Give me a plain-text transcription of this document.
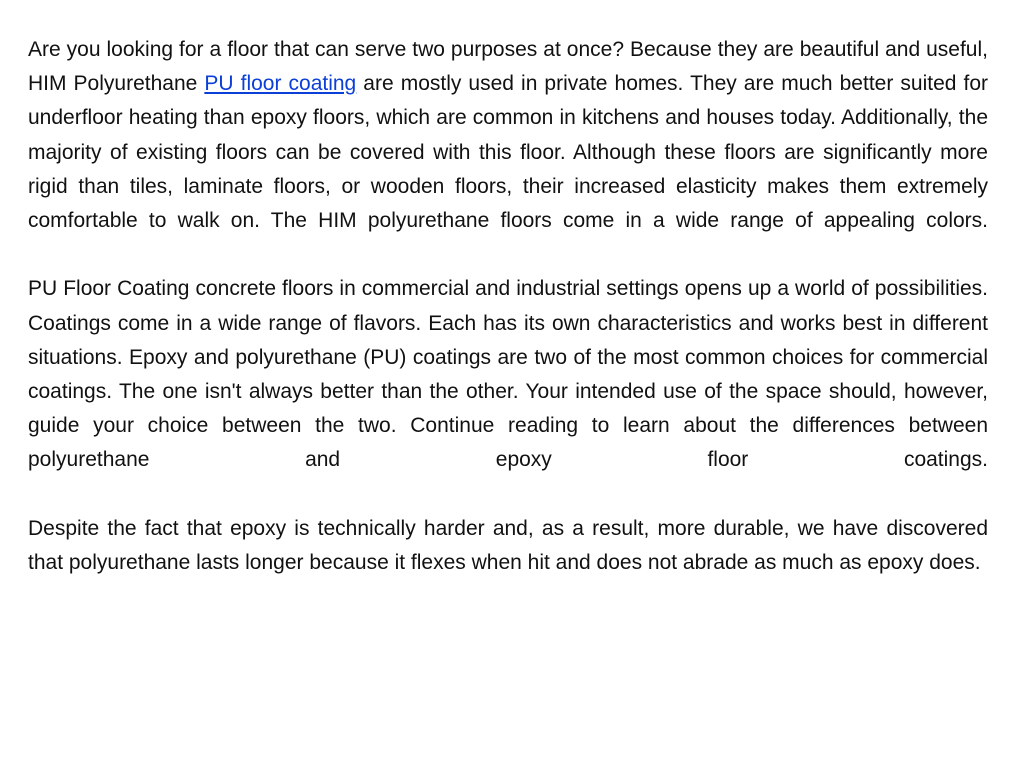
Are you looking for a floor that can serve two purposes at once? Because they are beautiful and useful, HIM Polyurethane PU floor coating are mostly used in private homes. They are much better suited for underfloor heating than epoxy floors, which are common in kitchens and houses today. Additionally, the majority of existing floors can be covered with this floor. Although these floors are significantly more rigid than tiles, laminate floors, or wooden floors, their increased elasticity makes them extremely comfortable to walk on. The HIM polyurethane floors come in a wide range of appealing colors.

PU Floor Coating concrete floors in commercial and industrial settings opens up a world of possibilities. Coatings come in a wide range of flavors. Each has its own characteristics and works best in different situations. Epoxy and polyurethane (PU) coatings are two of the most common choices for commercial coatings. The one isn't always better than the other. Your intended use of the space should, however, guide your choice between the two. Continue reading to learn about the differences between polyurethane and epoxy floor coatings.

Despite the fact that epoxy is technically harder and, as a result, more durable, we have discovered that polyurethane lasts longer because it flexes when hit and does not abrade as much as epoxy does.
